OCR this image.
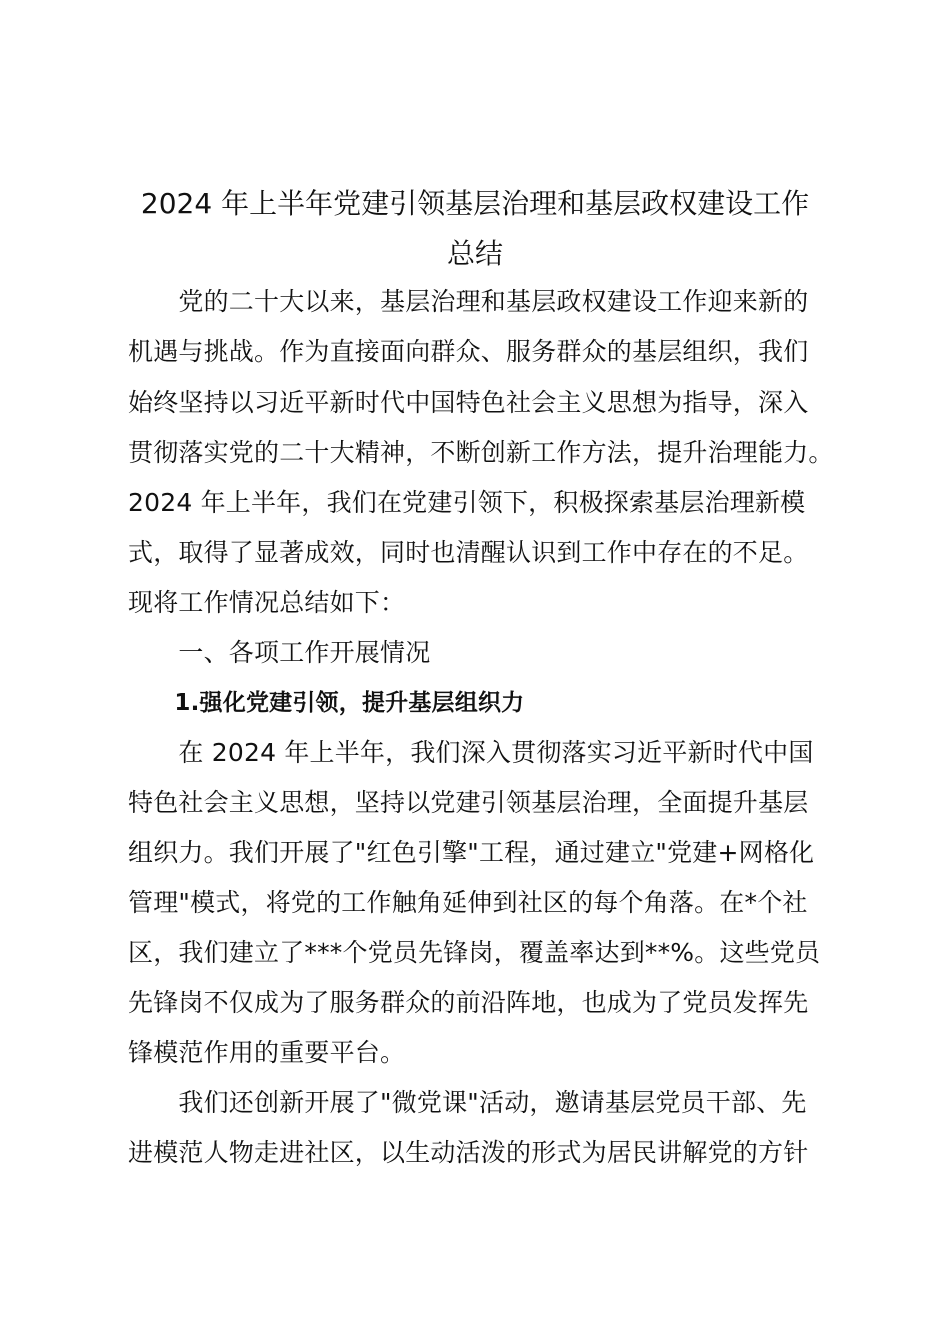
2024 年上半年党建引领基层治理和基层政权建设工作
总结

　　党的二十大以来，基层治理和基层政权建设工作迎来新的

机遇与挑战。作为直接面向群众、服务群众的基层组织，我们

始终坚持以习近平新时代中国特色社会主义思想为指导，深入

贯彻落实党的二十大精神，不断创新工作方法，提升治理能力。

2024 年上半年，我们在党建引领下，积极探索基层治理新模

式，取得了显著成效，同时也清醒认识到工作中存在的不足。

现将工作情况总结如下：

　　一、各项工作开展情况

　　1.强化党建引领，提升基层组织力

　　在 2024 年上半年，我们深入贯彻落实习近平新时代中国

特色社会主义思想，坚持以党建引领基层治理，全面提升基层

组织力。我们开展了"红色引擎"工程，通过建立"党建+网格化

管理"模式，将党的工作触角延伸到社区的每个角落。在*个社

区，我们建立了***个党员先锋岗，覆盖率达到**%。这些党员

先锋岗不仅成为了服务群众的前沿阵地，也成为了党员发挥先

锋模范作用的重要平台。

　　我们还创新开展了"微党课"活动，邀请基层党员干部、先

进模范人物走进社区，以生动活泼的形式为居民讲解党的方针
